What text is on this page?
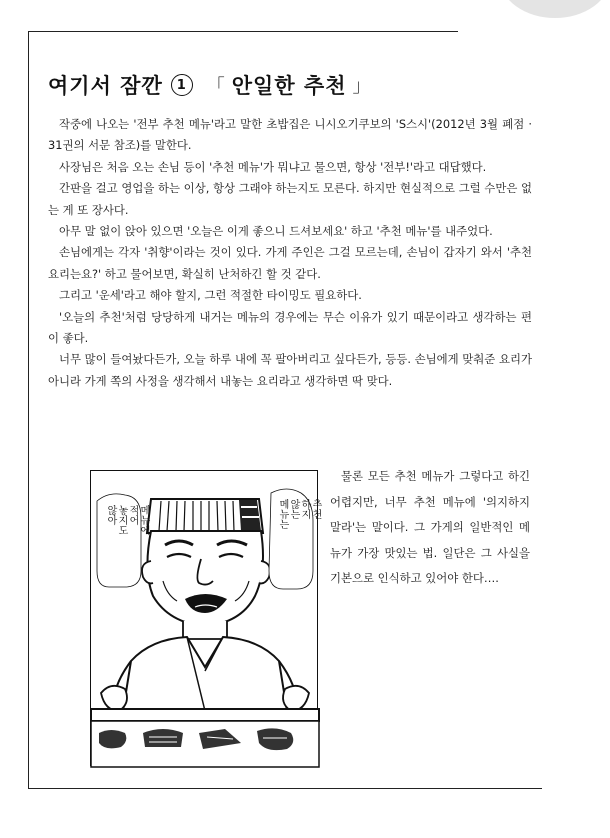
여기서 잠깐	1	「 안일한 추천 」

작중에 나오는 '전부 추천 메뉴'라고 말한 초밥집은 니시오기쿠보의 'S스시'(2012년 3월 폐점 · 31권의 서문 참조)를 말한다.

사장님은 처음 오는 손님 등이 '추천 메뉴'가 뭐냐고 물으면, 항상 '전부!'라고 대답했다.

간판을 걸고 영업을 하는 이상, 항상 그래야 하는지도 모른다. 하지만 현실적으로 그럴 수만은 없는 게 또 장사다.

아무 말 없이 앉아 있으면 '오늘은 이게 좋으니 드셔보세요' 하고 '추천 메뉴'를 내주었다.

손님에게는 각자 '취향'이라는 것이 있다. 가게 주인은 그걸 모르는데, 손님이 갑자기 와서 '추천 요리는요?' 하고 물어보면, 확실히 난처하긴 할 것 같다.

그리고 '운세'라고 해야 할지, 그런 적절한 타이밍도 필요하다.

'오늘의 추천'처럼 당당하게 내거는 메뉴의 경우에는 무슨 이유가 있기 때문이라고 생각하는 편이 좋다.

너무 많이 들여놨다든가, 오늘 하루 내에 꼭 팔아버리고 싶다든가, 등등. 손님에게 맞춰준 요리가 아니라 가게 쪽의 사정을 생각해서 내놓는 요리라고 생각하면 딱 맞다.

메뉴에
적어
놓지도
않아	추천
하지
않는
메뉴는

물론 모든 추천 메뉴가 그렇다고 하긴 어렵지만, 너무 추천 메뉴에 '의지하지 말라'는 말이다. 그 가게의 일반적인 메뉴가 가장 맛있는 법. 일단은 그 사실을 기본으로 인식하고 있어야 한다….
